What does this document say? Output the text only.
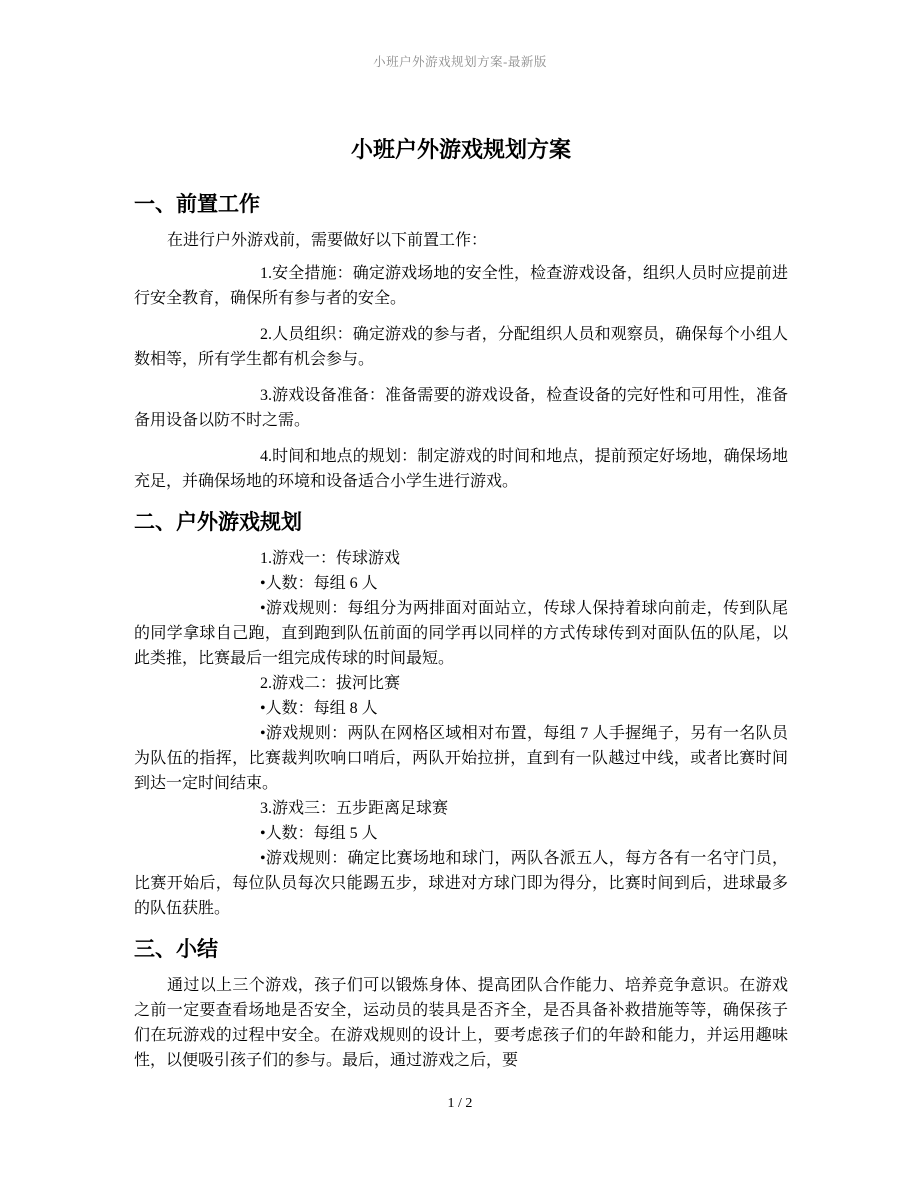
小班户外游戏规划方案-最新版
小班户外游戏规划方案
一、前置工作

在进行户外游戏前，需要做好以下前置工作：

1.安全措施：确定游戏场地的安全性，检查游戏设备，组织人员时应提前进行安全教育，确保所有参与者的安全。

2.人员组织：确定游戏的参与者，分配组织人员和观察员，确保每个小组人数相等，所有学生都有机会参与。

3.游戏设备准备：准备需要的游戏设备，检查设备的完好性和可用性，准备备用设备以防不时之需。

4.时间和地点的规划：制定游戏的时间和地点，提前预定好场地，确保场地充足，并确保场地的环境和设备适合小学生进行游戏。

二、户外游戏规划

1.游戏一：传球游戏

•人数：每组 6 人

•游戏规则：每组分为两排面对面站立，传球人保持着球向前走，传到队尾的同学拿球自己跑，直到跑到队伍前面的同学再以同样的方式传球传到对面队伍的队尾，以此类推，比赛最后一组完成传球的时间最短。

2.游戏二：拔河比赛

•人数：每组 8 人

•游戏规则：两队在网格区域相对布置，每组 7 人手握绳子，另有一名队员为队伍的指挥，比赛裁判吹响口哨后，两队开始拉拼，直到有一队越过中线，或者比赛时间到达一定时间结束。

3.游戏三：五步距离足球赛

•人数：每组 5 人

•游戏规则：确定比赛场地和球门，两队各派五人，每方各有一名守门员，比赛开始后，每位队员每次只能踢五步，球进对方球门即为得分，比赛时间到后，进球最多的队伍获胜。

三、小结

通过以上三个游戏，孩子们可以锻炼身体、提高团队合作能力、培养竞争意识。在游戏之前一定要查看场地是否安全，运动员的装具是否齐全，是否具备补救措施等等，确保孩子们在玩游戏的过程中安全。在游戏规则的设计上，要考虑孩子们的年龄和能力，并运用趣味性，以便吸引孩子们的参与。最后，通过游戏之后，要

1 / 2
